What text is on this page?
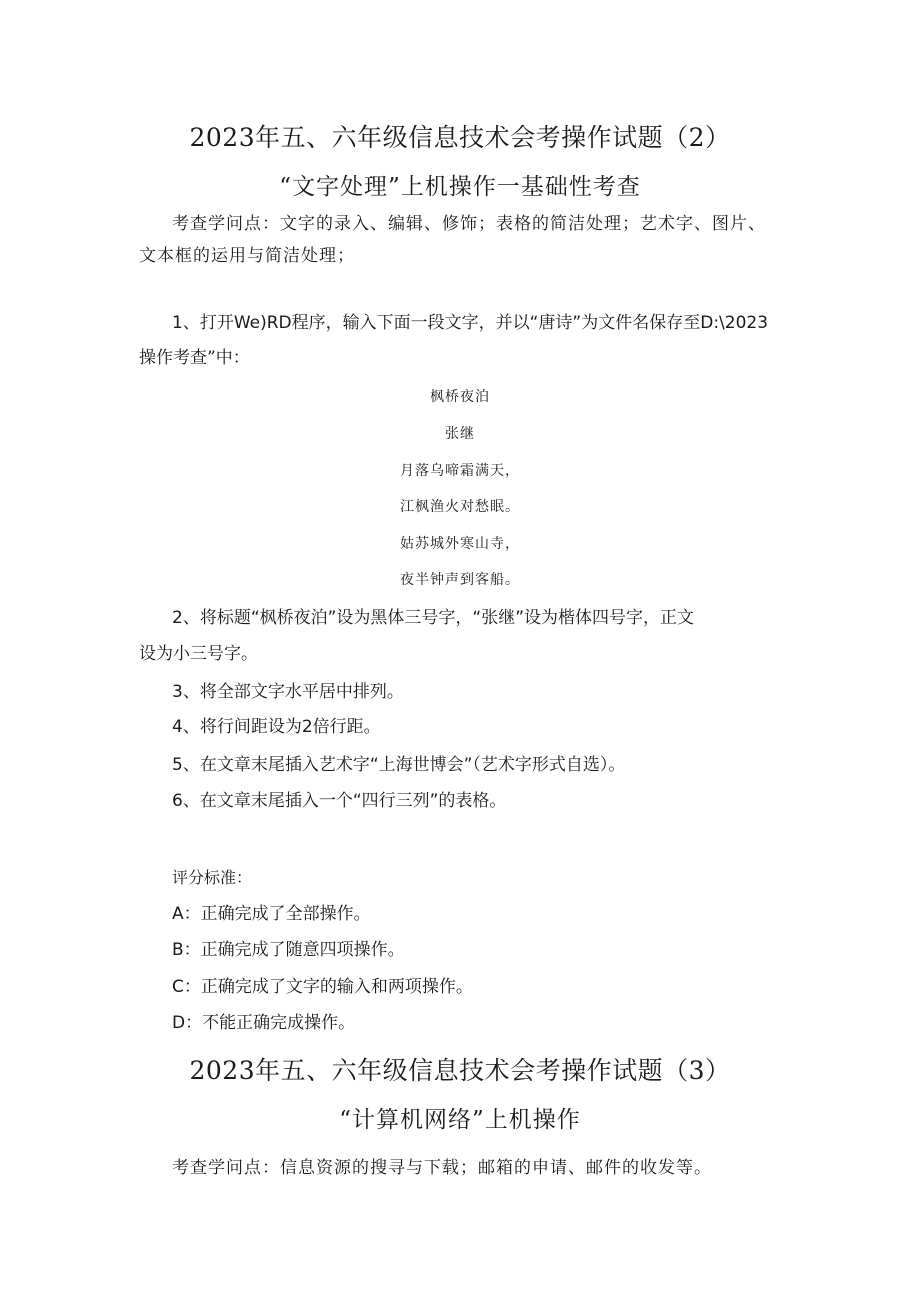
2023年五、六年级信息技术会考操作试题（2）
“文字处理”上机操作一基础性考查
考查学问点：文字的录入、编辑、修饰；表格的简洁处理；艺术字、图片、
文本框的运用与简洁处理；
1、打开We)RD程序，输入下面一段文字，并以“唐诗”为文件名保存至D:\2023
操作考查”中：
枫桥夜泊
张继
月落乌啼霜满天，
江枫渔火对愁眠。
姑苏城外寒山寺，
夜半钟声到客船。
2、将标题“枫桥夜泊”设为黑体三号字，“张继”设为楷体四号字，正文
设为小三号字。
3、将全部文字水平居中排列。
4、将行间距设为2倍行距。
5、在文章末尾插入艺术字“上海世博会”（艺术字形式自选）。
6、在文章末尾插入一个“四行三列”的表格。
评分标准：
A：正确完成了全部操作。
B：正确完成了随意四项操作。
C：正确完成了文字的输入和两项操作。
D：不能正确完成操作。
2023年五、六年级信息技术会考操作试题（3）
“计算机网络”上机操作
考查学问点：信息资源的搜寻与下载；邮箱的申请、邮件的收发等。
